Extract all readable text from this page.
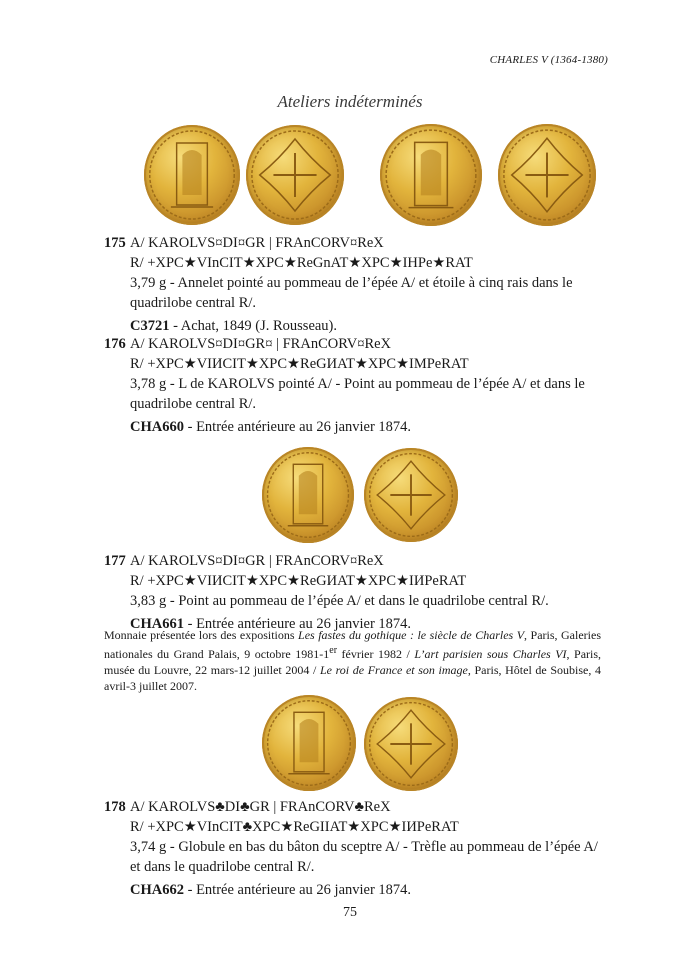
CHARLES V (1364-1380)
Ateliers indéterminés
175 A/ KAROLVS¤DI¤GR | FRAnCORV¤ReX
R/ +XPC★VInCIT★XPC★ReGnAT★XPC★IHPe★RAT
3,79 g - Annelet pointé au pommeau de l’épée A/ et étoile à cinq rais dans le quadrilobe central R/.
C3721 - Achat, 1849 (J. Rousseau).
176 A/ KAROLVS¤DI¤GR¤ | FRAnCORV¤ReX
R/ +XPC★VIИCIT★XPC★ReGИAT★XPC★IMPeRAT
3,78 g - L de KAROLVS pointé A/ - Point au pommeau de l’épée A/ et dans le quadrilobe central R/.
CHA660 - Entrée antérieure au 26 janvier 1874.
177 A/ KAROLVS¤DI¤GR | FRAnCORV¤ReX
R/ +XPC★VIИCIT★XPC★ReGИAT★XPC★IИPeRAT
3,83 g - Point au pommeau de l’épée A/ et dans le quadrilobe central R/.
CHA661 - Entrée antérieure au 26 janvier 1874.
Monnaie présentée lors des expositions Les fastes du gothique : le siècle de Charles V, Paris, Galeries nationales du Grand Palais, 9 octobre 1981-1er février 1982 / L’art parisien sous Charles VI, Paris, musée du Louvre, 22 mars-12 juillet 2004 / Le roi de France et son image, Paris, Hôtel de Soubise, 4 avril-3 juillet 2007.
178 A/ KAROLVS♣DI♣GR | FRAnCORV♣ReX
R/ +XPC★VInCIT♣XPC★ReGIIAT★XPC★IИPeRAT
3,74 g - Globule en bas du bâton du sceptre A/ - Trèfle au pommeau de l’épée A/ et dans le quadrilobe central R/.
CHA662 - Entrée antérieure au 26 janvier 1874.
75
